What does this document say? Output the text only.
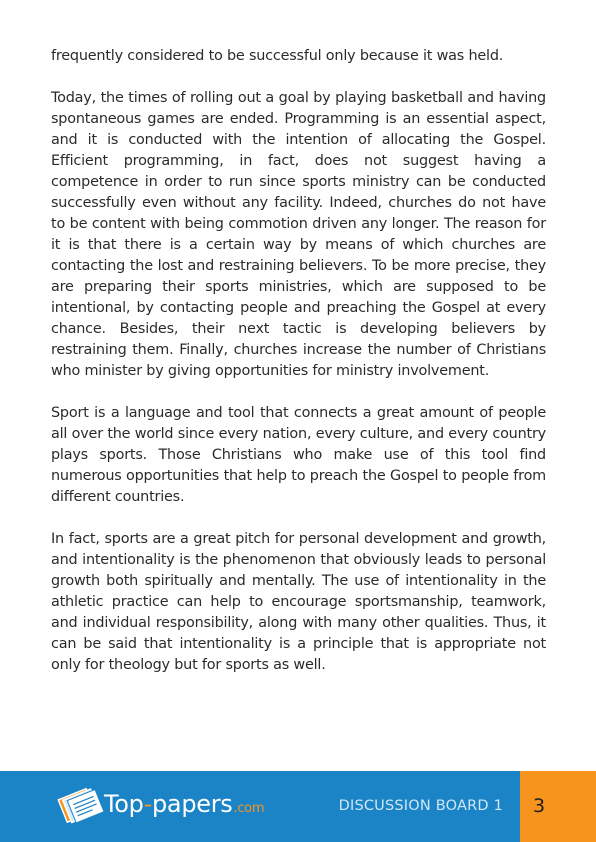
frequently considered to be successful only because it was held.

Today, the times of rolling out a goal by playing basketball and having spontaneous games are ended. Programming is an essential aspect, and it is conducted with the intention of allocating the Gospel. Efficient programming, in fact, does not suggest having a competence in order to run since sports ministry can be conducted successfully even without any facility. Indeed, churches do not have to be content with being commotion driven any longer. The reason for it is that there is a certain way by means of which churches are contacting the lost and restraining believers. To be more precise, they are preparing their sports ministries, which are supposed to be intentional, by contacting people and preaching the Gospel at every chance. Besides, their next tactic is developing believers by restraining them. Finally, churches increase the number of Christians who minister by giving opportunities for ministry involvement.

Sport is a language and tool that connects a great amount of people all over the world since every nation, every culture, and every country plays sports. Those Christians who make use of this tool find numerous opportunities that help to preach the Gospel to people from different countries.

In fact, sports are a great pitch for personal development and growth, and intentionality is the phenomenon that obviously leads to personal growth both spiritually and mentally. The use of intentionality in the athletic practice can help to encourage sportsmanship, teamwork, and individual responsibility, along with many other qualities. Thus, it can be said that intentionality is a principle that is appropriate not only for theology but for sports as well.

Top-papers.com	DISCUSSION BOARD 1	3
